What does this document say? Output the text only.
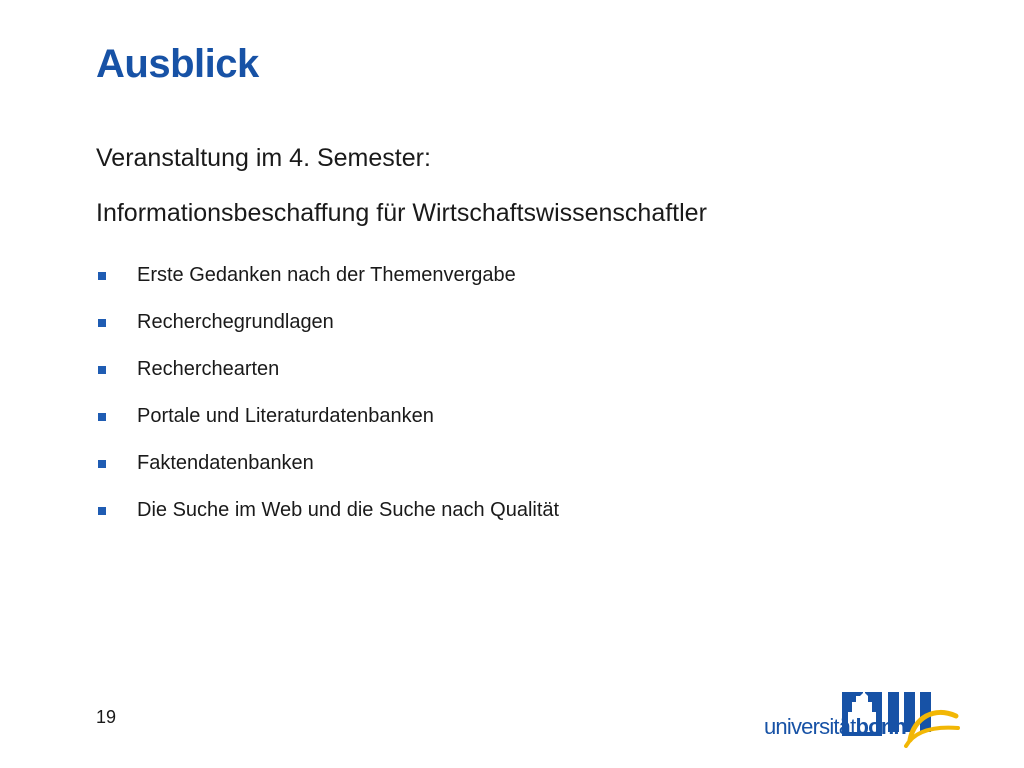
Ausblick

Veranstaltung im 4. Semester:

Informationsbeschaffung für Wirtschaftswissenschaftler

Erste Gedanken nach der Themenvergabe
Recherchegrundlagen
Recherchearten
Portale und Literaturdatenbanken
Faktendatenbanken
Die Suche im Web und die Suche nach Qualität
19	universitätbonn
